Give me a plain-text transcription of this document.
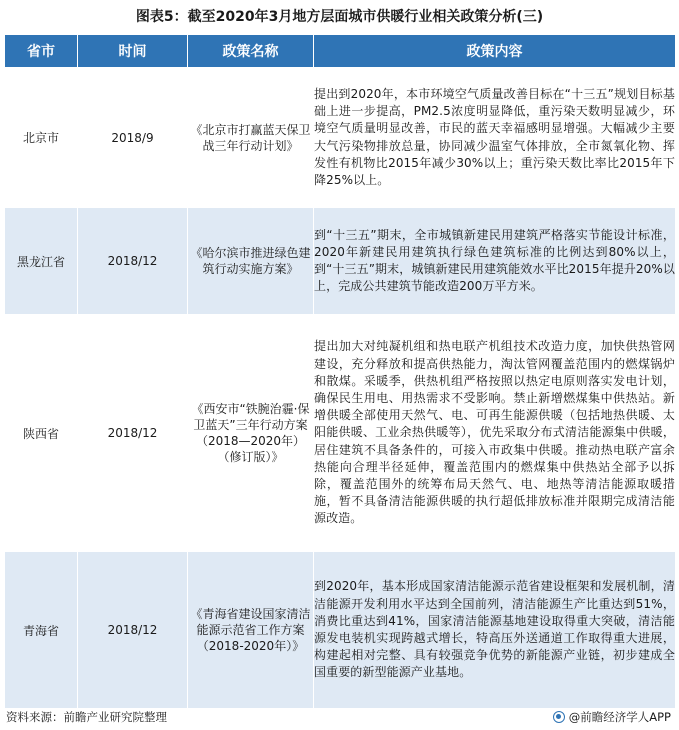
图表5：截至2020年3月地方层面城市供暖行业相关政策分析(三)
省市	时间	政策名称	政策内容
北京市	2018/9	《北京市打赢蓝天保卫战三年行动计划》	提出到2020年，本市环境空气质量改善目标在“十三五”规划目标基础上进一步提高，PM2.5浓度明显降低，重污染天数明显减少，环境空气质量明显改善，市民的蓝天幸福感明显增强。大幅减少主要大气污染物排放总量，协同减少温室气体排放，全市氮氧化物、挥发性有机物比2015年减少30%以上；重污染天数比率比2015年下降25%以上。
黑龙江省	2018/12	《哈尔滨市推进绿色建筑行动实施方案》	到“十三五”期末，全市城镇新建民用建筑严格落实节能设计标准，2020年新建民用建筑执行绿色建筑标准的比例达到80%以上，到“十三五”期末，城镇新建民用建筑能效水平比2015年提升20%以上，完成公共建筑节能改造200万平方米。
陕西省	2018/12	《西安市“铁腕治霾·保卫蓝天”三年行动方案（2018—2020年）（修订版）》	提出加大对纯凝机组和热电联产机组技术改造力度，加快供热管网建设，充分释放和提高供热能力，淘汰管网覆盖范围内的燃煤锅炉和散煤。采暖季，供热机组严格按照以热定电原则落实发电计划，确保民生用电、用热需求不受影响。禁止新增燃煤集中供热站。新增供暖全部使用天然气、电、可再生能源供暖（包括地热供暖、太阳能供暖、工业余热供暖等），优先采取分布式清洁能源集中供暖，居住建筑不具备条件的，可接入市政集中供暖。推动热电联产富余热能向合理半径延伸，覆盖范围内的燃煤集中供热站全部予以拆除，覆盖范围外的统筹布局天然气、电、地热等清洁能源取暖措施，暂不具备清洁能源供暖的执行超低排放标准并限期完成清洁能源改造。
青海省	2018/12	《青海省建设国家清洁能源示范省工作方案（2018-2020年）》	到2020年，基本形成国家清洁能源示范省建设框架和发展机制，清洁能源开发利用水平达到全国前列，清洁能源生产比重达到51%，消费比重达到41%，国家清洁能源基地建设取得重大突破，清洁能源发电装机实现跨越式增长，特高压外送通道工作取得重大进展，构建起相对完整、具有较强竞争优势的新能源产业链，初步建成全国重要的新型能源产业基地。
资料来源：前瞻产业研究院整理	@前瞻经济学人APP
